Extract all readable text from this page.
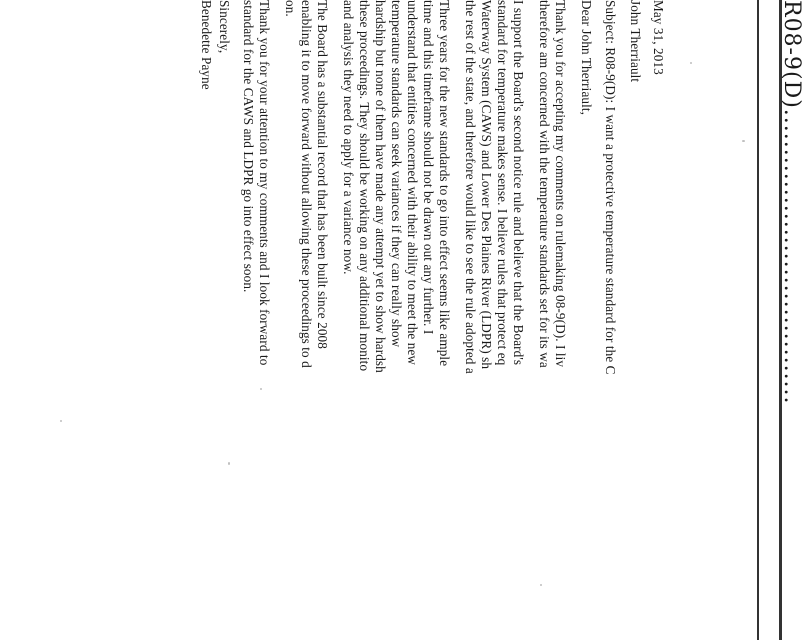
R08-9(D).....................................
May 31, 2013
John Therriault
Subject: R08-9(D): I want a protective temperature standard for the C
Dear John Therriault,
Thank you for accepting my comments on rulemaking 08-9(D). I liv
therefore am concerned with the temperature standards set for its wa
I support the Board's second notice rule and believe that the Board's
standard for temperature makes sense. I believe rules that protect eq
Waterway System (CAWS) and Lower Des Plaines River (LDPR) sh
the rest of the state, and therefore would like to see the rule adopted a
Three years for the new standards to go into effect seems like ample
time and this timeframe should not be drawn out any further. I
understand that entities concerned with their ability to meet the new
temperature standards can seek variances if they can really show
hardship but none of them have made any attempt yet to show hardsh
these proceedings. They should be working on any additional monito
and analysis they need to apply for a variance now.
The Board has a substantial record that has been built since 2008
enabling it to move forward without allowing these proceedings to d
on.
Thank you for your attention to my comments and I look forward to
standard for the CAWS and LDPR go into effect soon.
Sincerely,
Benedette Payne
